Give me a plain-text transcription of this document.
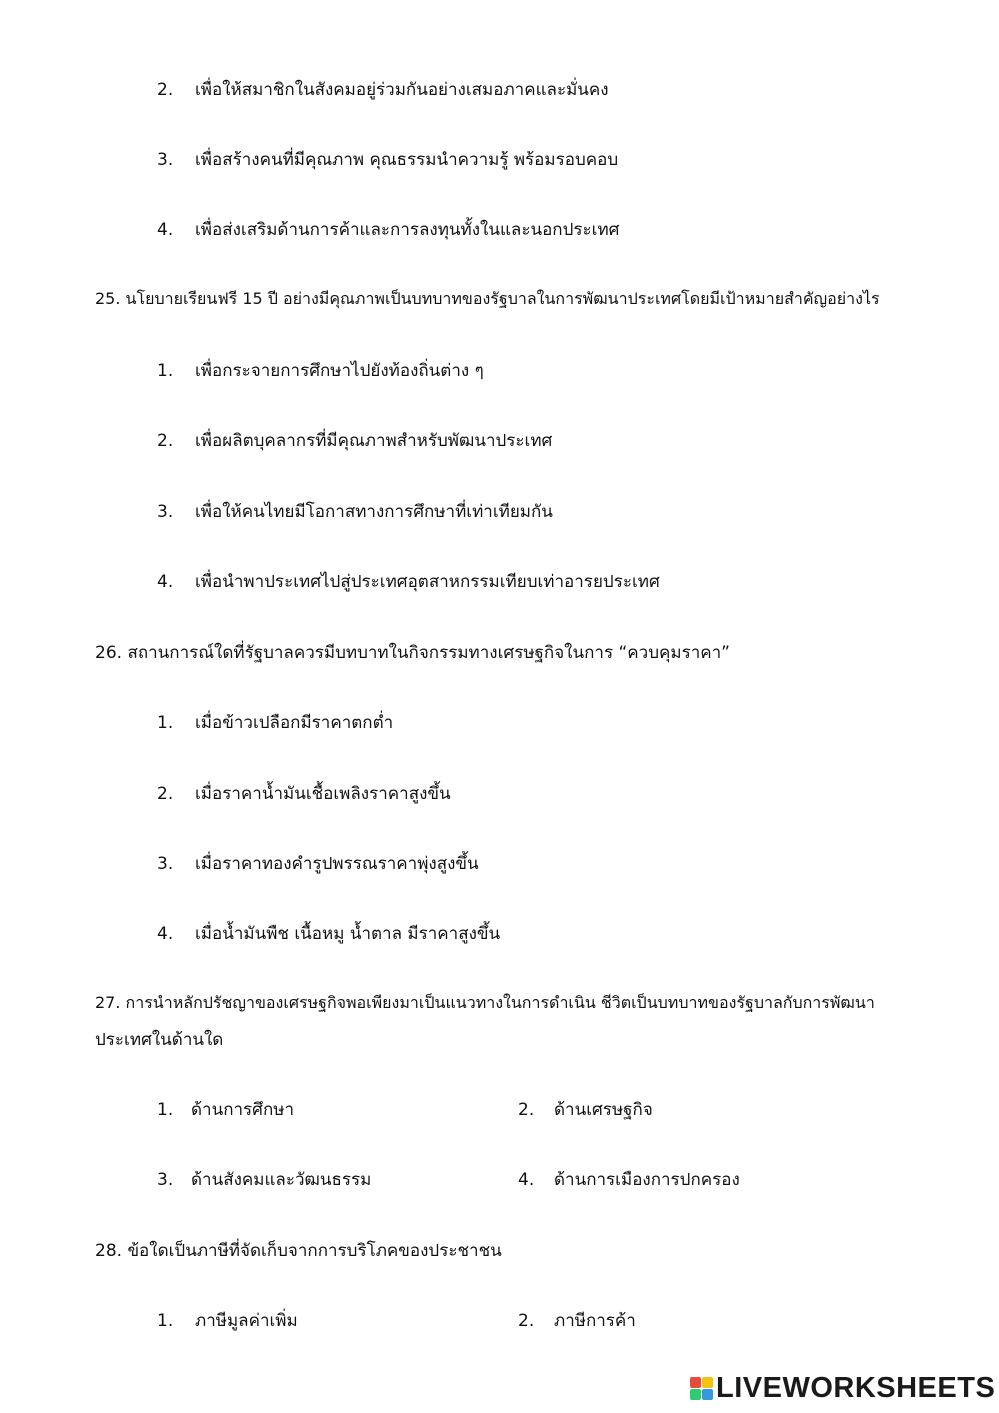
2. เพื่อให้สมาชิกในสังคมอยู่ร่วมกันอย่างเสมอภาคและมั่นคง
3. เพื่อสร้างคนที่มีคุณภาพ คุณธรรมนำความรู้ พร้อมรอบคอบ
4. เพื่อส่งเสริมด้านการค้าและการลงทุนทั้งในและนอกประเทศ
25. นโยบายเรียนฟรี 15 ปี อย่างมีคุณภาพเป็นบทบาทของรัฐบาลในการพัฒนาประเทศโดยมีเป้าหมายสำคัญอย่างไร
1. เพื่อกระจายการศึกษาไปยังท้องถิ่นต่าง ๆ
2. เพื่อผลิตบุคลากรที่มีคุณภาพสำหรับพัฒนาประเทศ
3. เพื่อให้คนไทยมีโอกาสทางการศึกษาที่เท่าเทียมกัน
4. เพื่อนำพาประเทศไปสู่ประเทศอุตสาหกรรมเทียบเท่าอารยประเทศ
26. สถานการณ์ใดที่รัฐบาลควรมีบทบาทในกิจกรรมทางเศรษฐกิจในการ “ควบคุมราคา”
1. เมื่อข้าวเปลือกมีราคาตกต่ำ
2. เมื่อราคาน้ำมันเชื้อเพลิงราคาสูงขึ้น
3. เมื่อราคาทองคำรูปพรรณราคาพุ่งสูงขึ้น
4. เมื่อน้ำมันพืช เนื้อหมู น้ำตาล มีราคาสูงขึ้น
27. การนำหลักปรัชญาของเศรษฐกิจพอเพียงมาเป็นแนวทางในการดำเนิน ชีวิตเป็นบทบาทของรัฐบาลกับการพัฒนา
ประเทศในด้านใด
1. ด้านการศึกษา	2. ด้านเศรษฐกิจ
3. ด้านสังคมและวัฒนธรรม	4. ด้านการเมืองการปกครอง
28. ข้อใดเป็นภาษีที่จัดเก็บจากการบริโภคของประชาชน
1. ภาษีมูลค่าเพิ่ม	2. ภาษีการค้า
LIVEWORKSHEETS
